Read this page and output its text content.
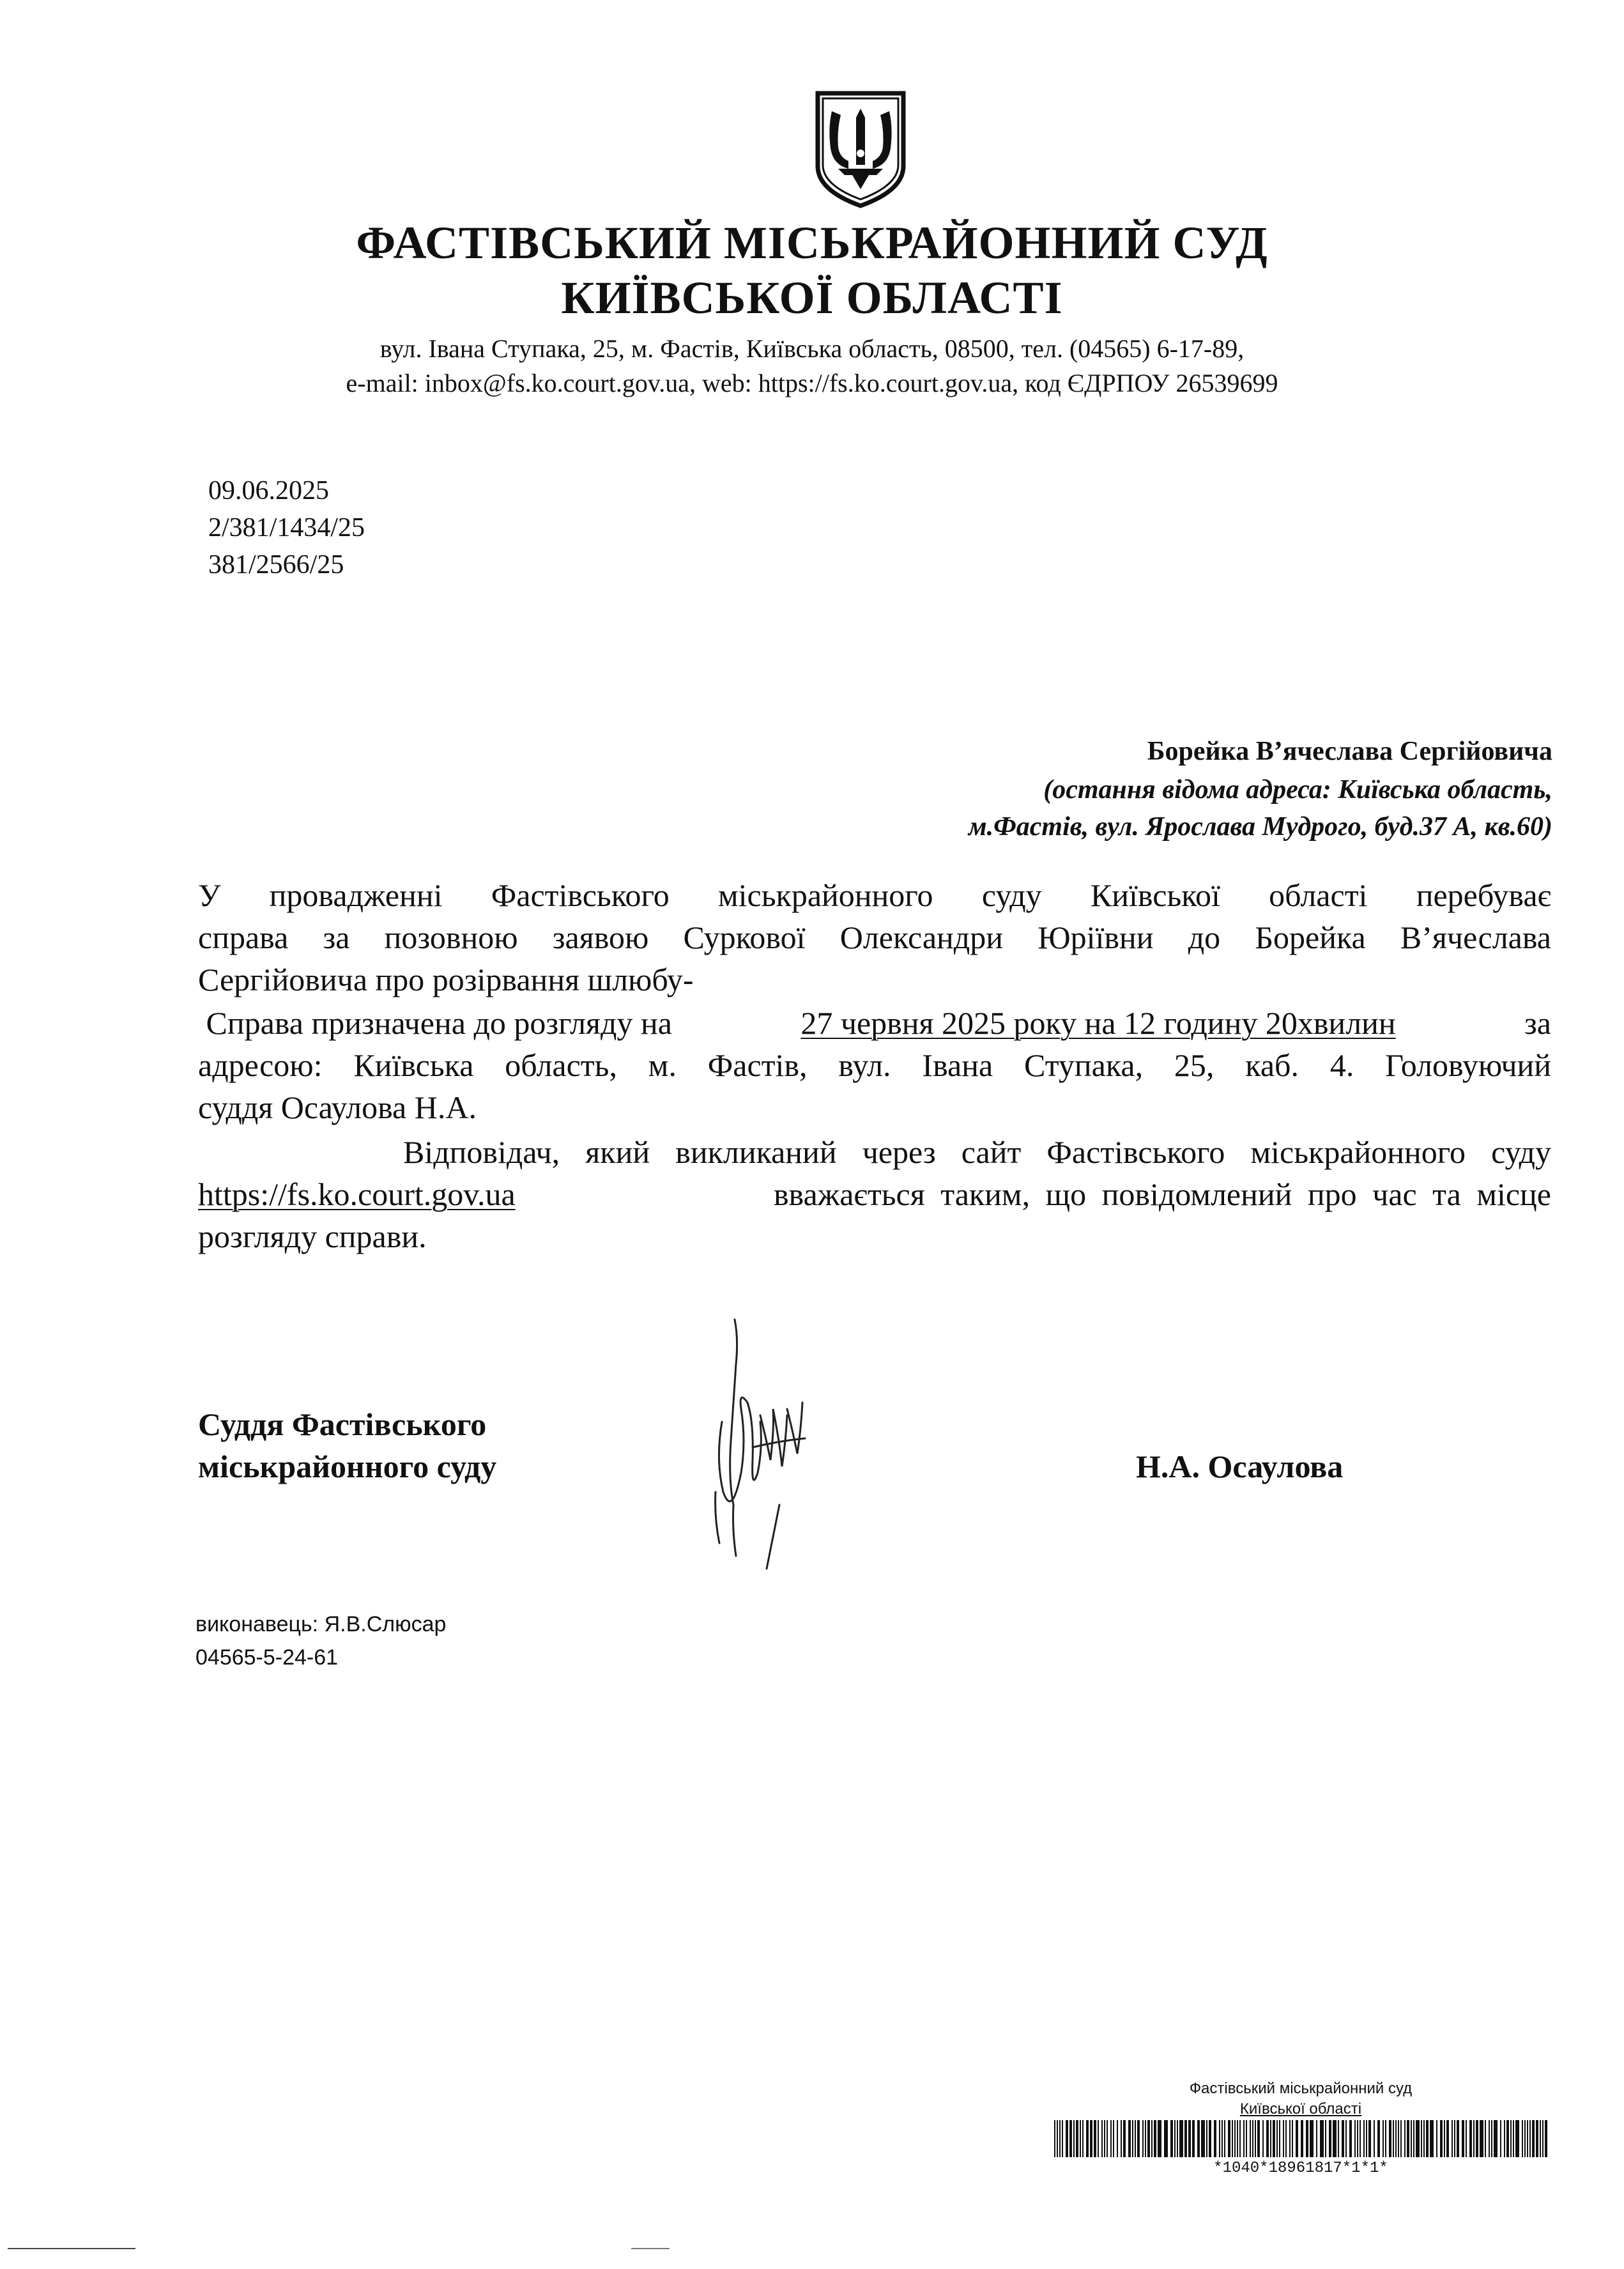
ФАСТІВСЬКИЙ МІСЬКРАЙОННИЙ СУД
КИЇВСЬКОЇ ОБЛАСТІ
вул. Івана Ступака, 25, м. Фастів, Київська область, 08500, тел. (04565) 6-17-89,
e-mail: inbox@fs.ko.court.gov.ua, web: https://fs.ko.court.gov.ua, код ЄДРПОУ 26539699
09.06.2025
2/381/1434/25
381/2566/25
Борейка В’ячеслава Сергійовича
(остання відома адреса: Київська область,
м.Фастів, вул. Ярослава Мудрого, буд.37 А, кв.60)
У провадженні Фастівського міськрайонного суду Київської області перебуває
справа за позовною заявою Суркової Олександри Юріївни до Борейка В’ячеслава
Сергійовича про розірвання шлюбу-
Справа призначена до розгляду на	27 червня 2025 року на 12 годину 20хвилин	за
адресою: Київська область, м. Фастів, вул. Івана Ступака, 25, каб. 4. Головуючий
суддя Осаулова Н.А.
Відповідач, який викликаний через сайт Фастівського міськрайонного суду
https://fs.ko.court.gov.ua	вважається таким, що повідомлений про час та місце
розгляду справи.
Суддя Фастівського
міськрайонного суду	Н.А. Осаулова
виконавець: Я.В.Слюсар
04565-5-24-61
Фастівський міськрайонний суд
Київської області
*1040*18961817*1*1*
